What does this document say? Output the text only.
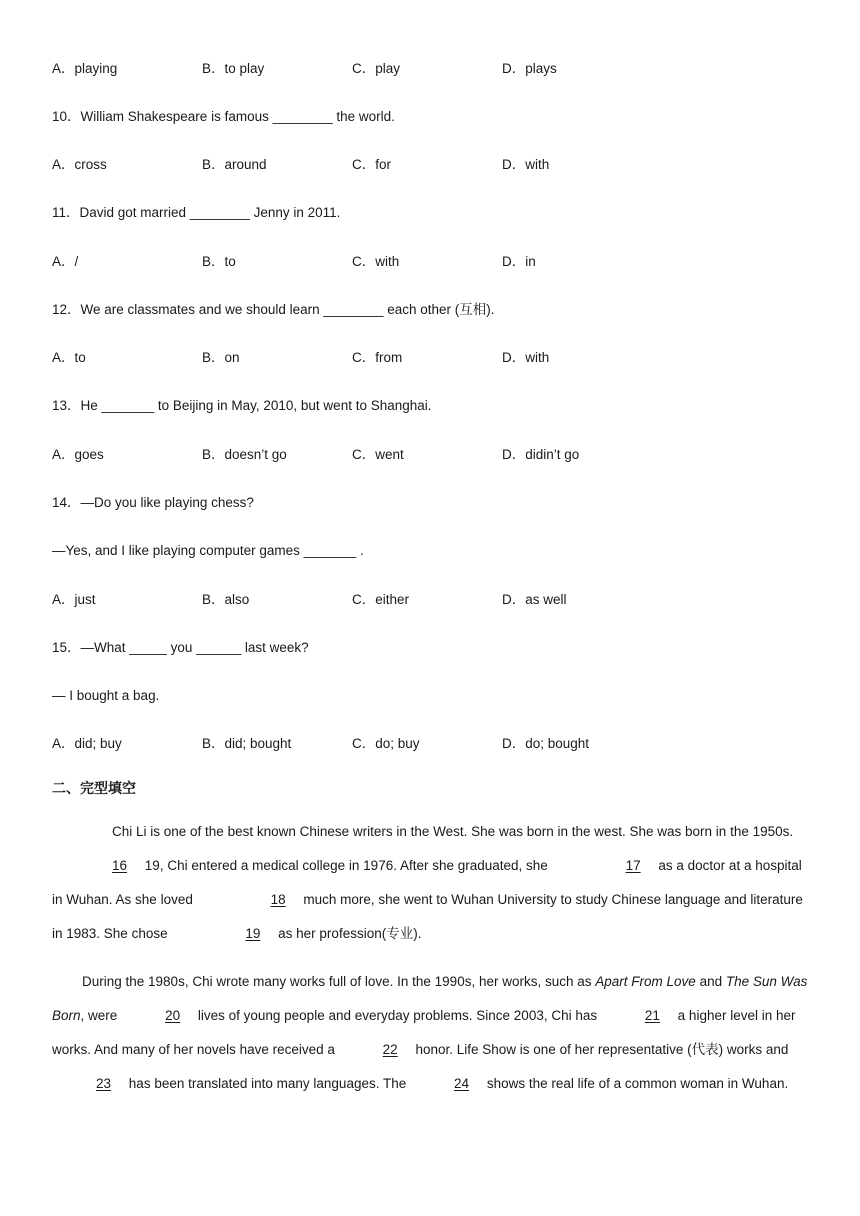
A．playing	B．to play	C．play	D．plays
10．William Shakespeare is famous ________ the world.
A．cross	B．around	C．for	D．with
11．David got married ________ Jenny in 2011.
A．/	B．to	C．with	D．in
12．We are classmates and we should learn ________ each other (互相).
A．to	B．on	C．from	D．with
13．He _______ to Beijing in May, 2010, but went to Shanghai.
A．goes	B．doesn’t go	C．went	D．didin’t go
14．—Do you like playing chess?
—Yes, and I like playing computer games _______ .
A．just	B．also	C．either	D．as well
15．—What _____ you ______ last week?
— I bought a bag.
A．did; buy	B．did; bought	C．do; buy	D．do; bought
二、完型填空
Chi Li is one of the best known Chinese writers in the West. She was born in the west. She was born in the 1950s.
16 19, Chi entered a medical college in 1976. After she graduated, she	17 as a doctor at a hospital in Wuhan. As she loved	18 much more, she went to Wuhan University to study Chinese language and literature in 1983. She chose	19 as her profession(专业).
During the 1980s, Chi wrote many works full of love. In the 1990s, her works, such as Apart From Love and The Sun Was Born, were	20 lives of young people and everyday problems. Since 2003, Chi has	21 a higher level in her works. And many of her novels have received a	22 honor. Life Show is one of her representative (代表) works and 23 has been translated into many languages. The	24 shows the real life of a common woman in Wuhan.
